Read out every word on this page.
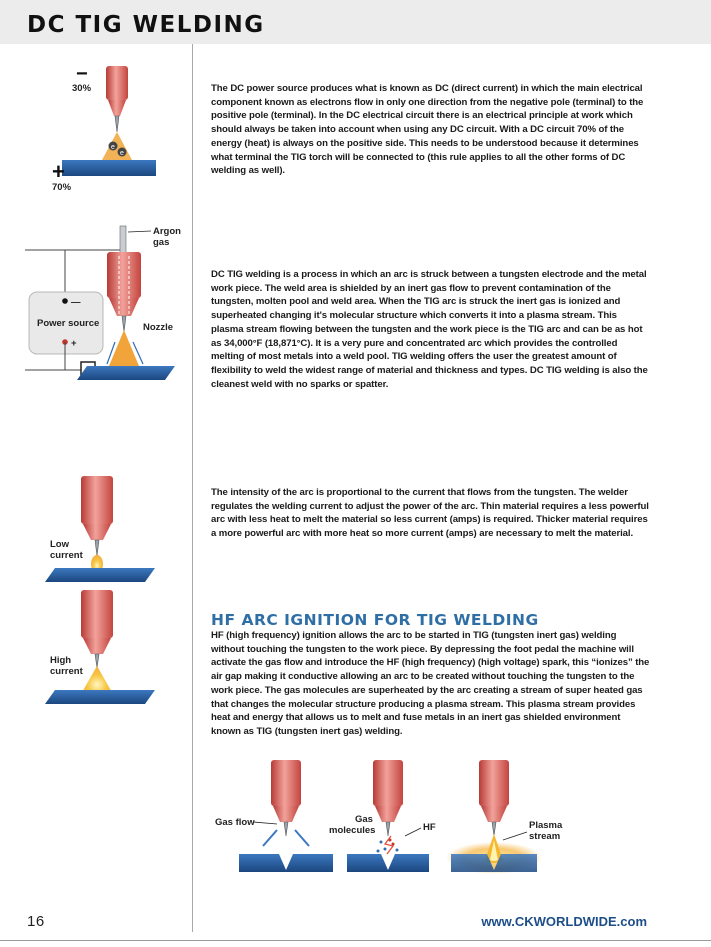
DC TIG WELDING
e
e
−
30%
+
70%
Argon
gas
Power source
—
+
Nozzle
Low
current
High
current

The DC power source produces what is known as DC (direct current) in which the main electrical component known as electrons flow in only one direction from the negative pole (terminal) to the positive pole (terminal). In the DC electrical circuit there is an electrical principle at work which should always be taken into account when using any DC circuit. With a DC circuit 70% of the energy (heat) is always on the positive side. This needs to be understood because it determines what terminal the TIG torch will be connected to (this rule applies to all the other forms of DC welding as well).

DC TIG welding is a process in which an arc is struck between a tungsten electrode and the metal work piece. The weld area is shielded by an inert gas flow to prevent contamination of the tungsten, molten pool and weld area. When the TIG arc is struck the inert gas is ionized and superheated changing it's molecular structure which converts it into a plasma stream. This plasma stream flowing between the tungsten and the work piece is the TIG arc and can be as hot as 34,000°F (18,871°C). It is a very pure and concentrated arc which provides the controlled melting of most metals into a weld pool. TIG welding offers the user the greatest amount of flexibility to weld the widest range of material and thickness and types. DC TIG welding is also the cleanest weld with no sparks or spatter.

The intensity of the arc is proportional to the current that flows from the tungsten. The welder regulates the welding current to adjust the power of the arc. Thin material requires a less powerful arc with less heat to melt the material so less current (amps) is required. Thicker material requires a more powerful arc with more heat so more current (amps) are necessary to melt the material.

HF ARC IGNITION FOR TIG WELDING

HF (high frequency) ignition allows the arc to be started in TIG (tungsten inert gas) welding without touching the tungsten to the work piece. By depressing the foot pedal the machine will activate the gas flow and introduce the HF (high frequency) (high voltage) spark, this “ionizes” the air gap making it conductive allowing an arc to be created without touching the tungsten to the work piece. The gas molecules are superheated by the arc creating a stream of super heated gas that changes the molecular structure producing a plasma stream. This plasma stream provides heat and energy that allows us to melt and fuse metals in an inert gas shielded environment known as TIG (tungsten inert gas) welding.

Gas flow	Gas
molecules	HF	Plasma
stream
16	www.CKWORLDWIDE.com
